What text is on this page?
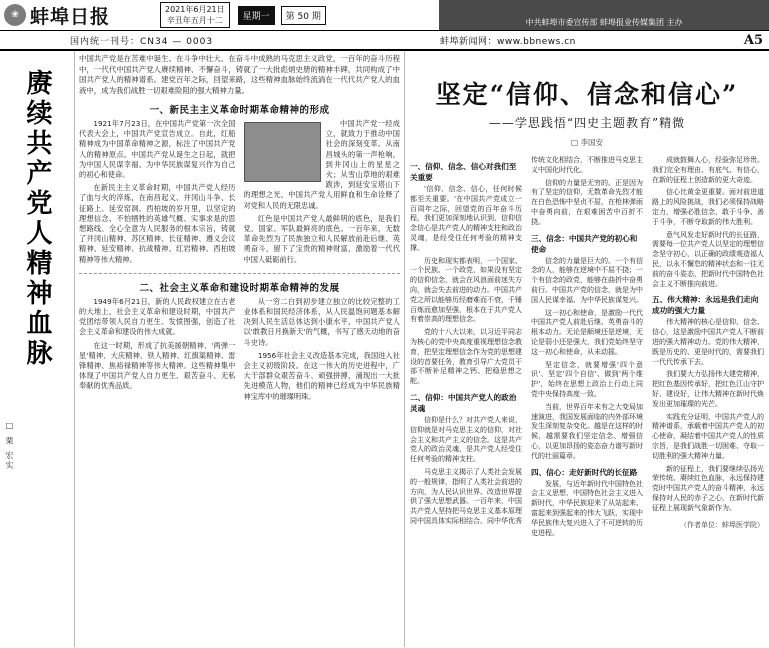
❀ 蚌埠日报	2021年6月21日
辛丑年五月十二	星期一	第 50 期
中共蚌埠市委宣传部 蚌埠报业传媒集团 主办
国内统一刊号：CN34 — 0003	蚌埠新闻网：www.bbnews.cn	A5
赓续共产党人精神血脉
□ 栗 宏实

中国共产党是在苦难中诞生、在斗争中壮大、在奋斗中成熟的马克思主义政党，一百年的奋斗历程中，一代代中国共产党人赓续精神、不懈奋斗，铸就了一大批彪炳史册的精神丰碑，共同构成了中国共产党人的精神谱系。建党百年之际，回望来路，这些精神血脉始终流淌在一代代共产党人的血液中，成为我们战胜一切艰难险阻的强大精神力量。

一、新民主主义革命时期革命精神的形成

1921年7月23日，在中国共产党第一次全国代表大会上，中国共产党宣告成立。自此，红船精神成为中国革命精神之源，标注了中国共产党人的精神原点。中国共产党从诞生之日起，就把为中国人民谋幸福、为中华民族谋复兴作为自己的初心和使命。

在新民主主义革命时期，中国共产党人经历了血与火的淬炼，在南昌起义、井冈山斗争、长征路上、延安窑洞、西柏坡的岁月里，以坚定的理想信念、不怕牺牲的英雄气概、实事求是的思想路线、全心全意为人民服务的根本宗旨，铸就了井冈山精神、苏区精神、长征精神、遵义会议精神、延安精神、抗战精神、红岩精神、西柏坡精神等伟大精神。

中国共产党一经成立，就致力于推动中国社会的深刻变革。从南昌城头的第一声枪响，到井冈山上的星星之火；从雪山草地的艰难跋涉，到延安宝塔山下的理想之光，中国共产党人用鲜血和生命诠释了对党和人民的无限忠诚。

红色是中国共产党人最鲜明的底色，是我们党、国家、军队最鲜亮的底色。一百年来，无数革命先烈为了民族独立和人民解放前赴后继、英勇奋斗，留下了宝贵的精神财富，激励着一代代中国人砥砺前行。

二、社会主义革命和建设时期革命精神的发展

1949年6月21日，新的人民政权建立在古老的大地上，社会主义革命和建设时期，中国共产党团结带领人民自力更生、发愤图强，创造了社会主义革命和建设的伟大成就。

在这一时期，形成了抗美援朝精神、'两弹一星'精神、大庆精神、铁人精神、红旗渠精神、雷锋精神、焦裕禄精神等伟大精神。这些精神集中体现了中国共产党人自力更生、艰苦奋斗、无私奉献的优秀品质。

从一穷二白到初步建立独立的比较完整的工业体系和国民经济体系，从人民温饱问题基本解决到人民生活总体达到小康水平，中国共产党人以'敢教日月换新天'的气概，书写了感天动地的奋斗史诗。

1956年社会主义改造基本完成，我国进入社会主义初级阶段。在这一伟大的历史进程中，广大干部群众艰苦奋斗、顽强拼搏，涌现出一大批先进模范人物，他们的精神已经成为中华民族精神宝库中的璀璨明珠。

坚定“信仰、信念和信心”
——学思践悟“四史主题教育”精微
□ 李国安
一、信仰、信念、信心对我们至关重要

'信仰、信念、信心，任何时候都至关重要。'在中国共产党成立一百周年之际，回望党的百年奋斗历程，我们更加深刻地认识到，信仰信念信心是共产党人的精神支柱和政治灵魂，是经受住任何考验的精神支撑。

历史和现实都表明，一个国家、一个民族、一个政党，如果没有坚定的信仰信念，就会在风浪面前迷失方向，就会失去前进的动力。中国共产党之所以能够历经磨难而不衰，千锤百炼而愈加坚强，根本在于共产党人有着崇高的理想信念。

党的十八大以来，以习近平同志为核心的党中央高度重视理想信念教育，把坚定理想信念作为党的思想建设的首要任务，教育引导广大党员干部不断补足精神之钙、把稳思想之舵。

二、信仰：中国共产党人的政治灵魂

信仰是什么？对共产党人来说，信仰就是对马克思主义的信仰，对社会主义和共产主义的信念。这是共产党人的政治灵魂，是共产党人经受住任何考验的精神支柱。

马克思主义揭示了人类社会发展的一般规律，指明了人类社会前进的方向，为人民认识世界、改造世界提供了强大思想武器。一百年来，中国共产党人坚持把马克思主义基本原理同中国具体实际相结合、同中华优秀传统文化相结合，不断推进马克思主义中国化时代化。

信仰的力量是无穷的。正是因为有了坚定的信仰，无数革命先烈才能在白色恐怖中坚贞不屈，在枪林弹雨中奋勇向前，在艰难困苦中百折不挠。

三、信念：中国共产党的初心和使命

信念的力量是巨大的。一个有信念的人，能够在逆境中不屈不挠；一个有信念的政党，能够在曲折中奋勇前行。中国共产党的信念，就是为中国人民谋幸福、为中华民族谋复兴。

这一初心和使命，是激励一代代中国共产党人前赴后继、英勇奋斗的根本动力。无论是顺境还是逆境，无论是弱小还是强大，我们党始终坚守这一初心和使命，从未动摇。

坚定信念，就要增强'四个意识'、坚定'四个自信'、做到'两个维护'，始终在思想上政治上行动上同党中央保持高度一致。

当前，世界百年未有之大变局加速演进，我国发展面临的内外部环境发生深刻复杂变化。越是在这样的时候，越需要我们坚定信念、增强信心，以更加昂扬的姿态奋力谱写新时代的壮丽篇章。

四、信心：走好新时代的长征路

发展，与近年新时代中国特色社会主义思想，中国特色社会主义进入新时代，中华民族迎来了从站起来、富起来到强起来的伟大飞跃，实现中华民族伟大复兴进入了不可逆转的历史进程。

成就鼓舞人心，经验弥足珍贵。我们完全有理由、有底气、有信心，在新的征程上创造新的更大奇迹。

信心比黄金更重要。面对前进道路上的风险挑战，我们必须保持战略定力，增强必胜信念，敢于斗争、善于斗争，不断夺取新的伟大胜利。

意气风发走好新时代的长征路，需要每一位共产党人以坚定的理想信念坚守初心，以正确的政绩观造福人民，以永不懈怠的精神状态和一往无前的奋斗姿态，把新时代中国特色社会主义不断推向前进。

五、伟大精神：永远是我们走向成功的强大力量

伟大精神的核心是信仰、信念、信心，这是激励中国共产党人不断前进的强大精神动力。党的伟大精神，既是历史的、更是时代的，需要我们一代代传承下去。

我们要大力弘扬伟大建党精神，把红色基因传承好，把红色江山守护好、建设好，让伟大精神在新时代焕发出更加璀璨的光芒。

实践充分证明，中国共产党人的精神谱系，承载着中国共产党人的初心使命，凝结着中国共产党人的性质宗旨，是我们战胜一切困难、夺取一切胜利的强大精神力量。

新的征程上，我们要继续弘扬光荣传统、赓续红色血脉，永远保持建党时中国共产党人的奋斗精神，永远保持对人民的赤子之心，在新时代新征程上展现新气象新作为。

（作者单位：蚌埠医学院）
